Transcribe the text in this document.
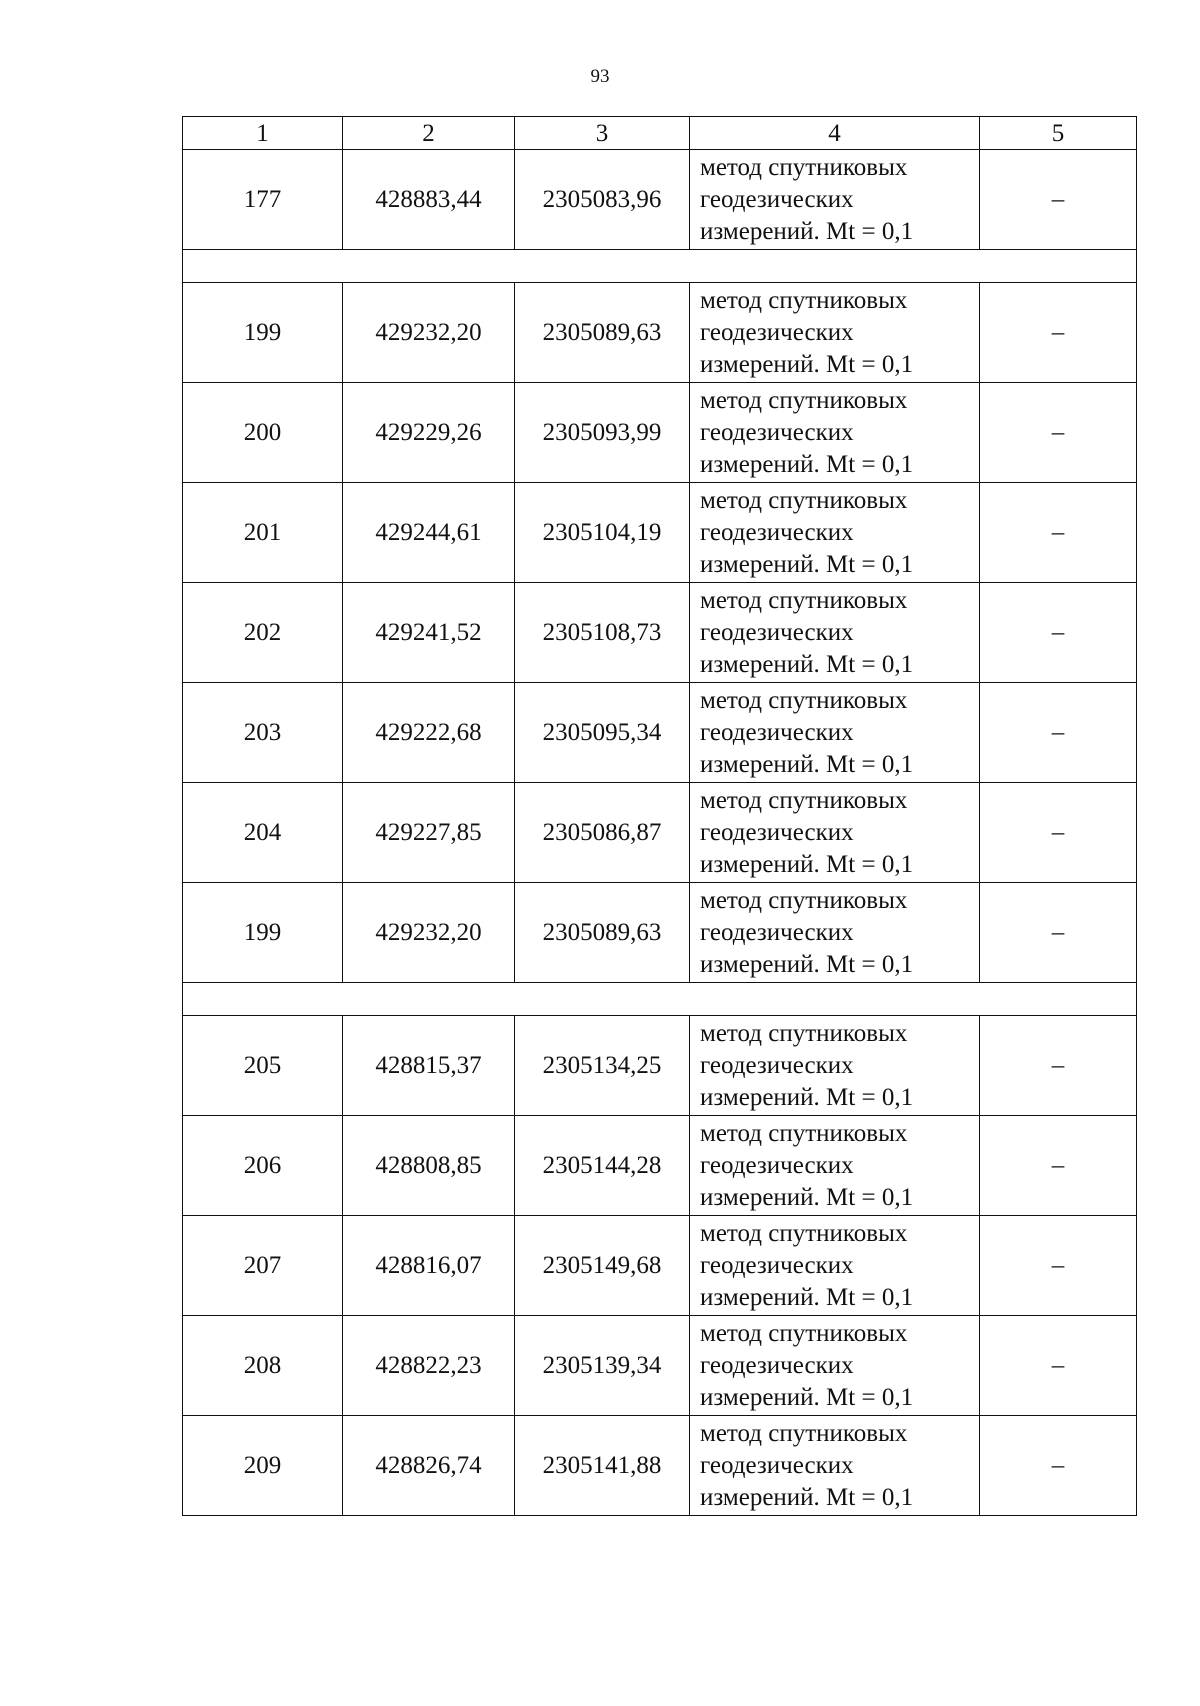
93
1	2	3	4	5
177	428883,44	2305083,96	метод спутниковых
геодезических
измерений. Mt = 0,1	–

199	429232,20	2305089,63	метод спутниковых
геодезических
измерений. Mt = 0,1	–
200	429229,26	2305093,99	метод спутниковых
геодезических
измерений. Mt = 0,1	–
201	429244,61	2305104,19	метод спутниковых
геодезических
измерений. Mt = 0,1	–
202	429241,52	2305108,73	метод спутниковых
геодезических
измерений. Mt = 0,1	–
203	429222,68	2305095,34	метод спутниковых
геодезических
измерений. Mt = 0,1	–
204	429227,85	2305086,87	метод спутниковых
геодезических
измерений. Mt = 0,1	–
199	429232,20	2305089,63	метод спутниковых
геодезических
измерений. Mt = 0,1	–

205	428815,37	2305134,25	метод спутниковых
геодезических
измерений. Mt = 0,1	–
206	428808,85	2305144,28	метод спутниковых
геодезических
измерений. Mt = 0,1	–
207	428816,07	2305149,68	метод спутниковых
геодезических
измерений. Mt = 0,1	–
208	428822,23	2305139,34	метод спутниковых
геодезических
измерений. Mt = 0,1	–
209	428826,74	2305141,88	метод спутниковых
геодезических
измерений. Mt = 0,1	–
